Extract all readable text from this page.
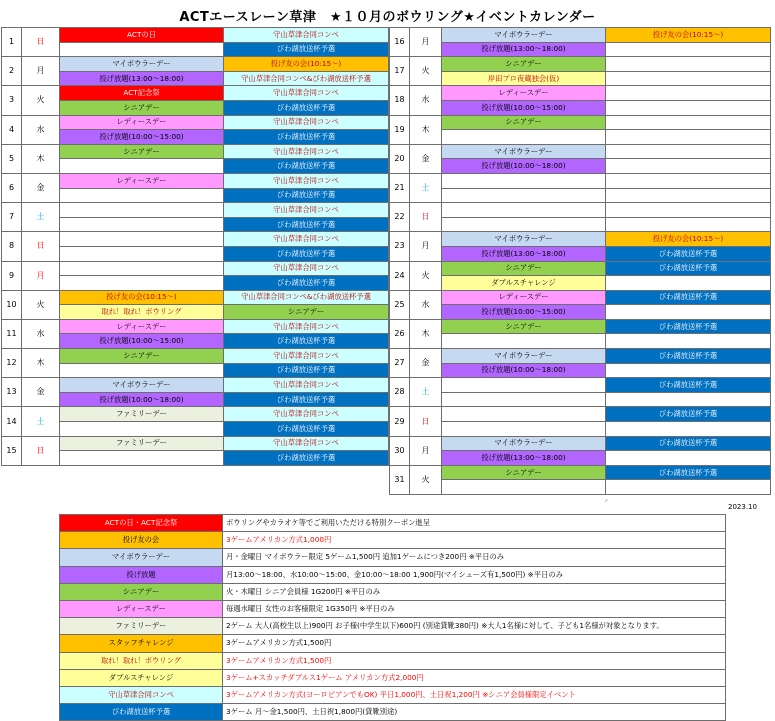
ACTエースレーン草津　★１０月のボウリング★イベントカレンダー
1	日	ACTの日	守山草津合同コンペ
			びわ湖放送杯予選
2	月	マイボウラーデー	投げ友の会(10:15～)
		投げ放題(13:00～18:00)	守山草津合同コンペ&びわ湖放送杯予選
3	火	ACT記念祭	守山草津合同コンペ
		シニアデー	びわ湖放送杯予選
4	水	レディースデー	守山草津合同コンペ
		投げ放題(10:00～15:00)	びわ湖放送杯予選
5	木	シニアデー	守山草津合同コンペ
			びわ湖放送杯予選
6	金	レディースデー	守山草津合同コンペ
			びわ湖放送杯予選
7	土		守山草津合同コンペ
			びわ湖放送杯予選
8	日		守山草津合同コンペ
			びわ湖放送杯予選
9	月		守山草津合同コンペ
			びわ湖放送杯予選
10	火	投げ友の会(10:15～)	守山草津合同コンペ&びわ湖放送杯予選
		取れ！取れ！ボウリング	シニアデー
11	水	レディースデー	守山草津合同コンペ
		投げ放題(10:00～15:00)	びわ湖放送杯予選
12	木	シニアデー	守山草津合同コンペ
			びわ湖放送杯予選
13	金	マイボウラーデー	守山草津合同コンペ
		投げ放題(10:00～18:00)	びわ湖放送杯予選
14	土	ファミリーデー	守山草津合同コンペ
			びわ湖放送杯予選
15	日	ファミリーデー	守山草津合同コンペ
			びわ湖放送杯予選
16	月	マイボウラーデー	投げ友の会(10:15～)
		投げ放題(13:00～18:00)	
17	火	シニアデー	
		岸田プロ夜蔵独会(仮)	
18	水	レディースデー	
		投げ放題(10:00～15:00)	
19	木	シニアデー	

20	金	マイボウラーデー	
		投げ放題(10:00～18:00)	
21	土		

22	日		

23	月	マイボウラーデー	投げ友の会(10:15～)
		投げ放題(13:00～18:00)	びわ湖放送杯予選
24	火	シニアデー	びわ湖放送杯予選
		ダブルスチャレンジ	
25	水	レディースデー	びわ湖放送杯予選
		投げ放題(10:00～15:00)	
26	木	シニアデー	びわ湖放送杯予選

27	金	マイボウラーデー	びわ湖放送杯予選
		投げ放題(10:00～18:00)	
28	土		びわ湖放送杯予選

29	日		びわ湖放送杯予選

30	月	マイボウラーデー	びわ湖放送杯予選
		投げ放題(13:00～18:00)	
31	火	シニアデー	びわ湖放送杯予選

ᐟ
2023.10
ACTの日・ACT記念祭	ボウリングやカラオケ等でご利用いただける特別クーポン進呈
投げ友の会	3ゲームアメリカン方式1,000円
マイボウラーデー	月・金曜日 マイボウラー限定 5ゲーム1,500円 追加1ゲームにつき200円 ※平日のみ
投げ放題	月13:00～18:00、水10:00～15:00、金10:00～18:00 1,900円(マイシューズ有1,500円) ※平日のみ
シニアデー	火・木曜日 シニア会員様 1G200円 ※平日のみ
レディースデー	毎週水曜日 女性のお客様限定 1G350円 ※平日のみ
ファミリーデー	2ゲーム 大人(高校生以上)900円 お子様(中学生以下)600円 (別途貸靴380円) ※大人1名様に対して、子ども1名様が対象となります。
スタッフチャレンジ	3ゲームアメリカン方式1,500円
取れ！取れ！ボウリング	3ゲームアメリカン方式1,500円
ダブルスチャレンジ	3ゲーム+スカッチダブルス1ゲーム アメリカン方式2,000円
守山草津合同コンペ	3ゲームアメリカン方式(ヨーロピアンでもOK) 平日1,000円、土日祝1,200円 ※シニア会員様限定イベント
びわ湖放送杯予選	3ゲーム 月～金1,500円、土日祝1,800円(貸靴別途)
